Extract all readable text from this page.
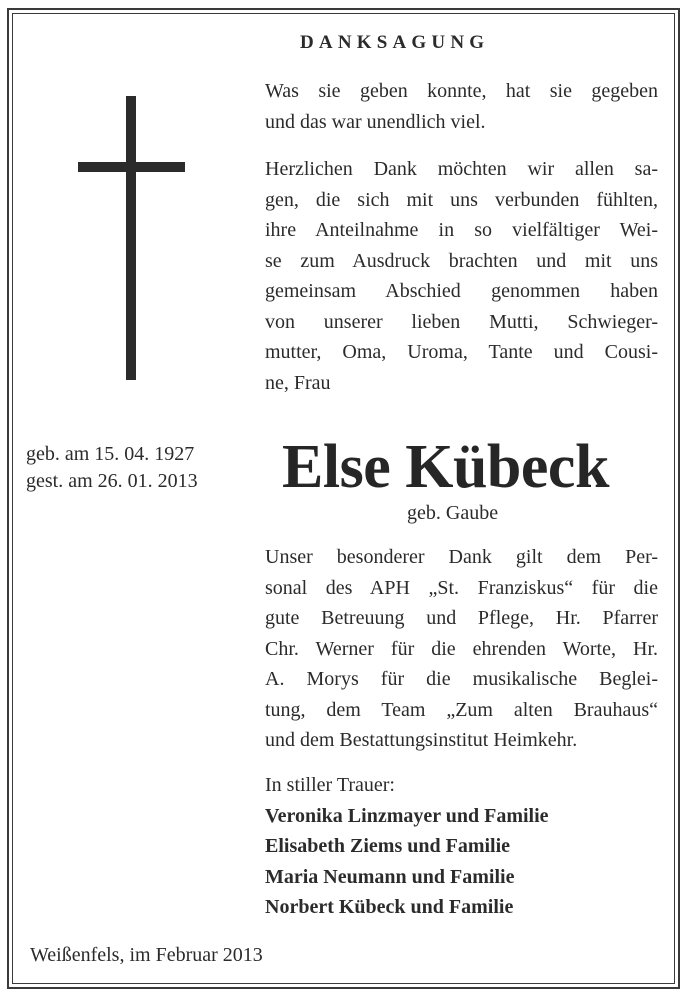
DANKSAGUNG
Was sie geben konnte, hat sie gegeben
und das war unendlich viel.
Herzlichen Dank möchten wir allen sa-
gen, die sich mit uns verbunden fühlten,
ihre Anteilnahme in so vielfältiger Wei-
se zum Ausdruck brachten und mit uns
gemeinsam Abschied genommen haben
von unserer lieben Mutti, Schwieger-
mutter, Oma, Uroma, Tante und Cousi-
ne, Frau
geb. am 15. 04. 1927
gest. am 26. 01. 2013 Else Kübeck
geb. Gaube
Unser besonderer Dank gilt dem Per-
sonal des APH „St. Franziskus“ für die
gute Betreuung und Pflege, Hr. Pfarrer
Chr. Werner für die ehrenden Worte, Hr.
A. Morys für die musikalische Beglei-
tung, dem Team „Zum alten Brauhaus“
und dem Bestattungsinstitut Heimkehr.
In stiller Trauer:
Veronika Linzmayer und Familie
Elisabeth Ziems und Familie
Maria Neumann und Familie
Norbert Kübeck und Familie
Weißenfels, im Februar 2013
